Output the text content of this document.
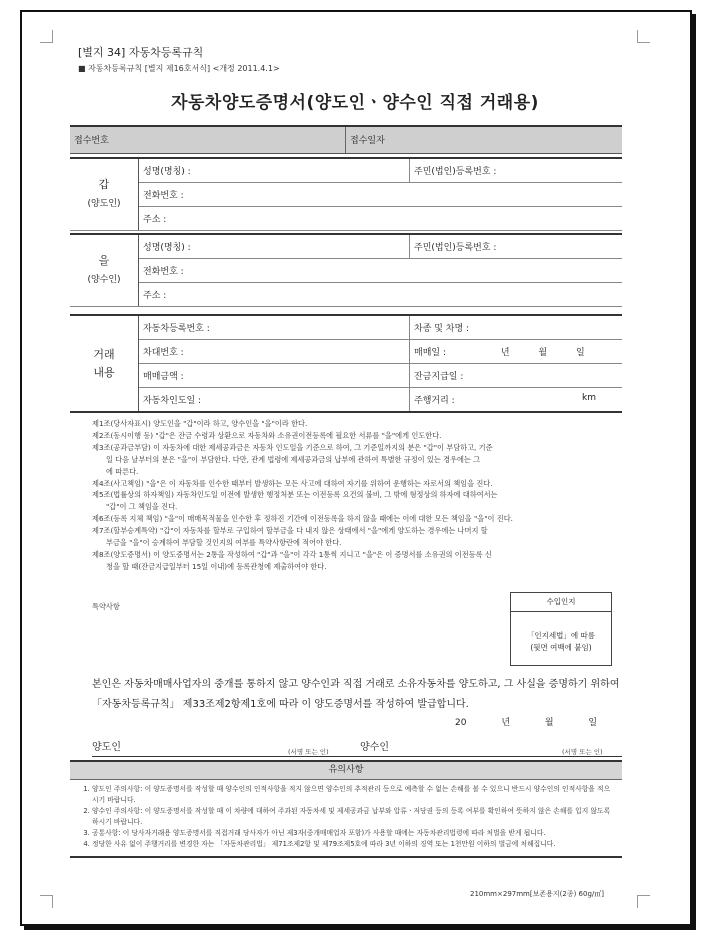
[별지 34] 자동차등록규칙
■ 자동차등록규칙 [별지 제16호서식] <개정 2011.4.1>
자동차양도증명서(양도인ㆍ양수인 직접 거래용)
접수번호	접수일자
갑
(양도인)	성명(명칭) :	주민(법인)등록번호 :
전화번호 :
주소 :
을
(양수인)	성명(명칭) :	주민(법인)등록번호 :
전화번호 :
주소 :
거래
내용	자동차등록번호 :	차종 및 차명 :
	차대번호 :	매매일 : 년 월 일
	매매금액 :	잔금지급일 :
	자동차인도일 :	주행거리 : km

제1조(당사자표시) 양도인을 "갑"이라 하고, 양수인을 "을"이라 한다.

제2조(동시이행 등) "갑"은 잔금 수령과 상환으로 자동차와 소유권이전등록에 필요한 서류를 "을"에게 인도한다.

제3조(공과금부담) 이 자동차에 대한 제세공과금은 자동차 인도일을 기준으로 하여, 그 기준일까지의 분은 "갑"이 부담하고, 기준

일 다음 날부터의 분은 "을"이 부담한다. 다만, 관계 법령에 제세공과금의 납부에 관하여 특별한 규정이 있는 경우에는 그

에 따른다.

제4조(사고책임) "을"은 이 자동차를 인수한 때부터 발생하는 모든 사고에 대하여 자기를 위하여 운행하는 자로서의 책임을 진다.

제5조(법률상의 하자책임) 자동차인도일 이전에 발생한 행정처분 또는 이전등록 요건의 불비, 그 밖에 형정상의 하자에 대하여서는

"갑"이 그 책임을 진다.

제6조(등록 지체 책임) "을"이 매매목적물을 인수한 후 정하진 기간에 이전등록을 하지 않을 때에는 이에 대한 모든 책임을 "을"이 진다.

제7조(할부승계특약) "갑"이 자동차를 할부로 구입하여 할부금을 다 내지 않은 상태에서 "을"에게 양도하는 경우에는 나머지 할

부금을 "을"이 승계하여 부담할 것인지의 여부를 특약사항란에 적어야 한다.

제8조(양도증명서) 이 양도증명서는 2통을 작성하여 "갑"과 "을"이 각각 1통씩 지니고 "을"은 이 증명서를 소유권의 이전등록 신

청을 할 때(잔금지급일부터 15일 이내)에 등록관청에 제출하여야 한다.

특약사항
수입인지
「인지세법」에 따름
(뒷면 여백에 붙임)
본인은 자동차매매사업자의 중개를 통하지 않고 양수인과 직접 거래로 소유자동차를 양도하고, 그 사실을 증명하기 위하여 「자동차등록규칙」 제33조제2항제1호에 따라 이 양도증명서를 작성하여 발급합니다.
20 년 월 일
양도인	(서명 또는 인)	양수인	(서명 또는 인)
유의사항
1. 양도인 주의사항: 이 양도증명서를 작성할 때 양수인의 인적사항을 적지 않으면 양수인의 추적관리 등으로 예측할 수 없는 손해를 볼 수 있으니 반드시 양수인의 인적사항을 적으시기 바랍니다.
2. 양수인 주의사항: 이 양도증명서를 작성할 때 이 차량에 대하여 주과된 자동차세 및 제세공과금 납부와 압류ㆍ저당권 등의 등록 여부를 확인하여 뜻하지 않은 손해를 입지 않도록 하시기 바랍니다.
3. 공통사항: 이 당사자거래용 양도증명서를 직접거래 당사자가 아닌 제3자(중개매매업자 포함)가 사용할 때에는 자동차관리법령에 따라 처벌을 받게 됩니다.
4. 정당한 사유 없이 주행거리를 변경한 자는 「자동차관리법」 제71조제2항 및 제79조제5호에 따라 3년 이하의 징역 또는 1천만원 이하의 벌금에 처해집니다.
210mm×297mm[보존용지(2종) 60g/㎡]
